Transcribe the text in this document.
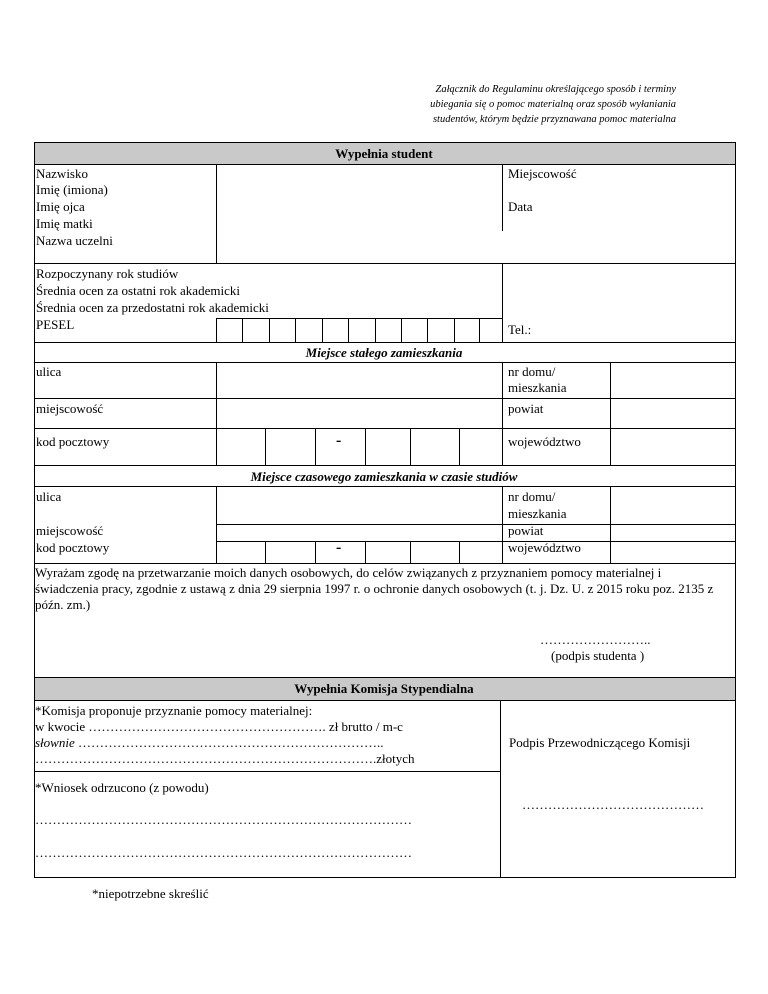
Załącznik do Regulaminu określającego sposób i terminy
ubiegania się o pomoc materialną oraz sposób wyłaniania
studentów, którym będzie przyznawana pomoc materialna
Wypełnia student
Nazwisko
Imię (imiona)
Imię ojca
Imię matki
Nazwa uczelni
Miejscowość
Data
Rozpoczynany rok studiów
Średnia ocen za ostatni rok akademicki
Średnia ocen za przedostatni rok akademicki
PESEL	Tel.:
Miejsce stałego zamieszkania
ulica	nr domu/
mieszkania
miejscowość	powiat
kod pocztowy	-	województwo
Miejsce czasowego zamieszkania w czasie studiów
ulica	nr domu/
mieszkania
miejscowość	powiat
kod pocztowy	-	województwo
Wyrażam zgodę na przetwarzanie moich danych osobowych, do celów związanych z przyznaniem pomocy materialnej i świadczenia pracy, zgodnie z ustawą z dnia 29 sierpnia 1997 r. o ochronie danych osobowych (t. j. Dz. U. z 2015 roku poz. 2135 z późn. zm.)
……………………..
(podpis studenta )
Wypełnia Komisja Stypendialna
*Komisja proponuje przyznanie pomocy materialnej:
w kwocie ………………………………………………. zł brutto / m-c
słownie ……………………………………………………………..
…………………………………………………………………….złotych
Podpis Przewodniczącego Komisji
*Wniosek odrzucono (z powodu)
……………………………………………………………………………
……………………………………………………………………………
……………………………………
*niepotrzebne skreślić
